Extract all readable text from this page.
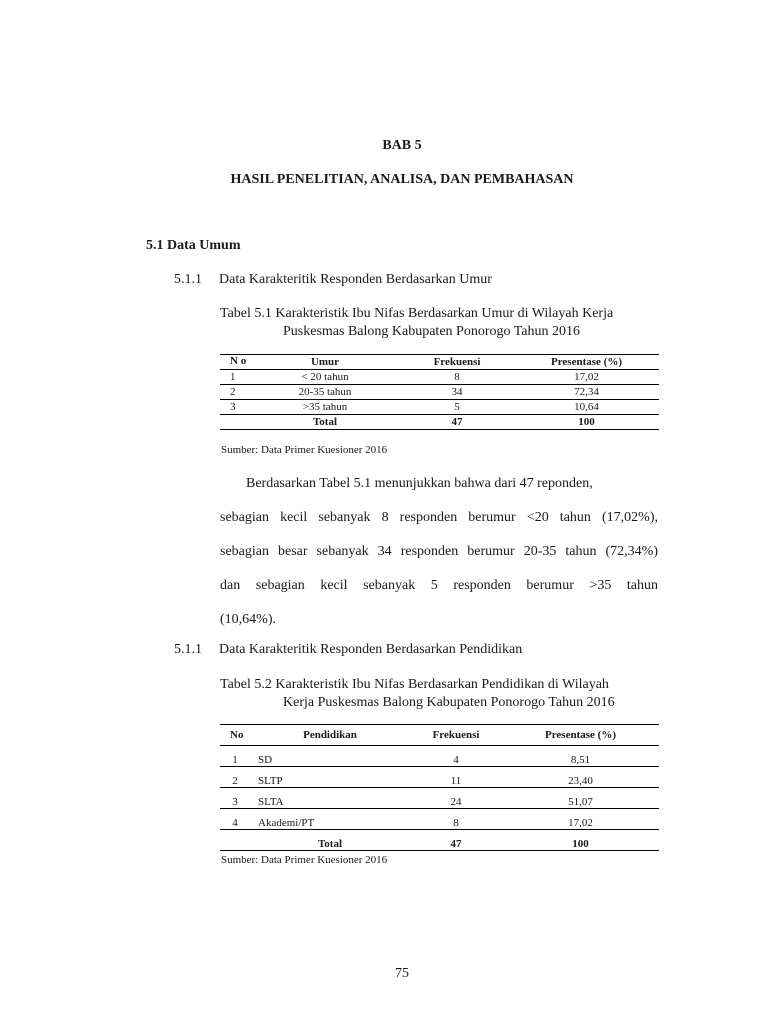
BAB 5
HASIL PENELITIAN, ANALISA, DAN PEMBAHASAN
5.1 Data Umum
5.1.1 Data Karakteritik Responden Berdasarkan Umur
Tabel 5.1 Karakteristik Ibu Nifas Berdasarkan Umur di Wilayah Kerja
Puskesmas Balong Kabupaten Ponorogo Tahun 2016
N o	Umur	Frekuensi	Presentase (%)
1	< 20 tahun	8	17,02
2	20-35 tahun	34	72,34
3	>35 tahun	5	10,64
	Total	47	100
Sumber: Data Primer Kuesioner 2016
Berdasarkan Tabel 5.1 menunjukkan bahwa dari 47 reponden,
sebagian kecil sebanyak 8 responden berumur <20 tahun (17,02%),
sebagian besar sebanyak 34 responden berumur 20-35 tahun (72,34%)
dan sebagian kecil sebanyak 5 responden berumur >35 tahun
(10,64%).
5.1.1 Data Karakteritik Responden Berdasarkan Pendidikan
Tabel 5.2 Karakteristik Ibu Nifas Berdasarkan Pendidikan di Wilayah
Kerja Puskesmas Balong Kabupaten Ponorogo Tahun 2016
No	Pendidikan	Frekuensi	Presentase (%)
1	SD	4	8,51
2	SLTP	11	23,40
3	SLTA	24	51,07
4	Akademi/PT	8	17,02
	Total	47	100
Sumber: Data Primer Kuesioner 2016
75
